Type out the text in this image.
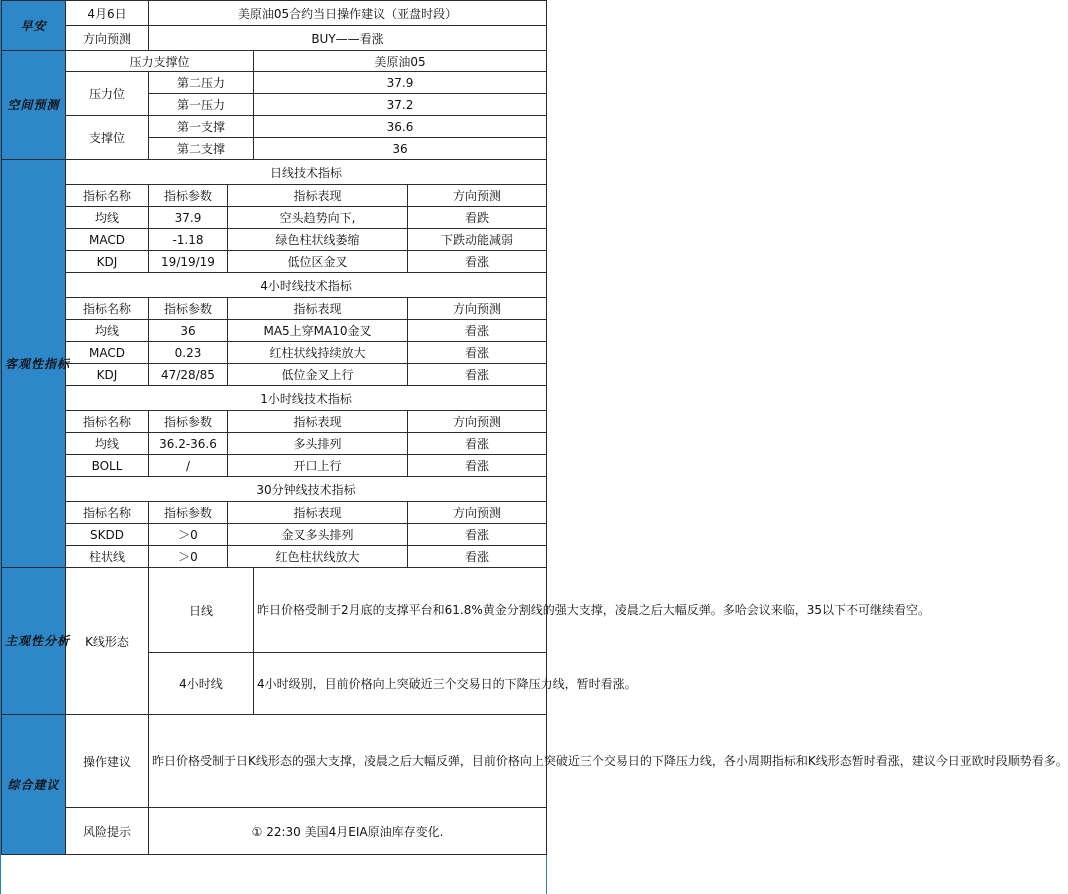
早安	4月6日	美原油05合约当日操作建议（亚盘时段）			
	方向预测	BUY——看涨			
空间预测	压力支撑位			美原油05	
	压力位	第二压力		37.9	
		第一压力		37.2	
	支撑位	第一支撑		36.6	
		第二支撑		36	
客观性指标	日线技术指标				
	指标名称	指标参数	指标表现		方向预测
	均线	37.9	空头趋势向下,		看跌
	MACD	-1.18	绿色柱状线萎缩		下跌动能减弱
	KDJ	19/19/19	低位区金叉		看涨
	4小时线技术指标				
	指标名称	指标参数	指标表现		方向预测
	均线	36	MA5上穿MA10金叉		看涨
	MACD	0.23	红柱状线持续放大		看涨
	KDJ	47/28/85	低位金叉上行		看涨
	1小时线技术指标				
	指标名称	指标参数	指标表现		方向预测
	均线	36.2-36.6	多头排列		看涨
	BOLL	/	开口上行		看涨
	30分钟线技术指标				
	指标名称	指标参数	指标表现		方向预测
	SKDD	＞0	金叉多头排列		看涨
	柱状线	＞0	红色柱状线放大		看涨
主观性分析	K线形态	日线		昨日价格受制于2月底的支撑平台和61.8%黄金分割线的强大支撑，凌晨之后大幅反弹。多哈会议来临，35以下不可继续看空。	
		4小时线		4小时级别，目前价格向上突破近三个交易日的下降压力线，暂时看涨。	
综合建议	操作建议	昨日价格受制于日K线形态的强大支撑，凌晨之后大幅反弹，目前价格向上突破近三个交易日的下降压力线，各小周期指标和K线形态暂时看涨，建议今日亚欧时段顺势看多。			
	风险提示	① 22:30 美国4月EIA原油库存变化.			
